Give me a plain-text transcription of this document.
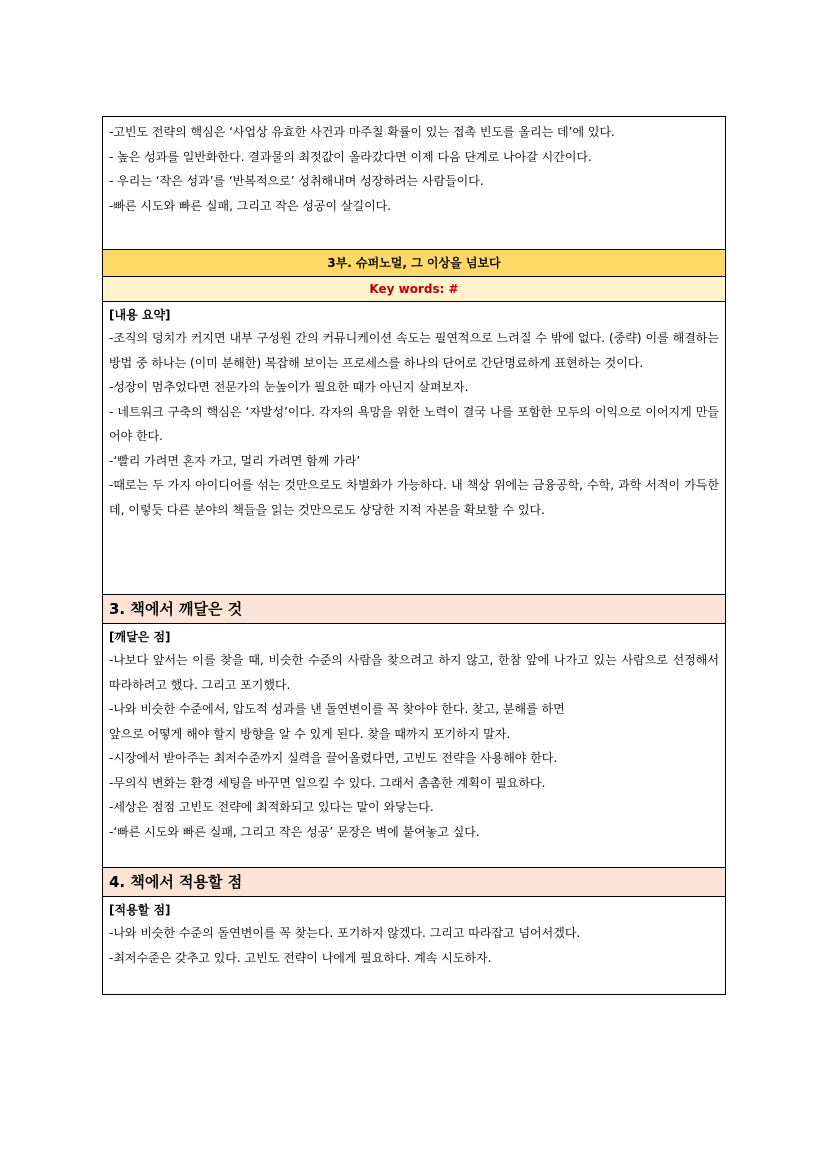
-고빈도 전략의 핵심은 ‘사업상 유효한 사건과 마주칠 확률이 있는 접촉 빈도를 올리는 데’에 있다.
- 높은 성과를 일반화한다. 결과물의 최젓값이 올라갔다면 이제 다음 단계로 나아갈 시간이다.
- 우리는 ‘작은 성과’를 ‘반복적으로’ 성취해내며 성장하려는 사람들이다.
-빠른 시도와 빠른 실패, 그리고 작은 성공이 살길이다.
3부. 슈퍼노멀, 그 이상을 넘보다
Key words: #
[내용 요약]
-조직의 덩치가 커지면 내부 구성원 간의 커뮤니케이션 속도는 필연적으로 느려질 수 밖에 없다. (중략) 이를 해결하는 방법 중 하나는 (이미 분해한) 복잡해 보이는 프로세스를 하나의 단어로 간단명료하게 표현하는 것이다.
-성장이 멈추었다면 전문가의 눈높이가 필요한 때가 아닌지 살펴보자.
- 네트워크 구축의 핵심은 ‘자발성’이다. 각자의 욕망을 위한 노력이 결국 나를 포함한 모두의 이익으로 이어지게 만들어야 한다.
-‘빨리 가려면 혼자 가고, 멀리 가려면 함께 가라’
-때로는 두 가지 아이디어를 섞는 것만으로도 차별화가 가능하다. 내 책상 위에는 금융공학, 수학, 과학 서적이 가득한데, 이렇듯 다른 분야의 책들을 읽는 것만으로도 상당한 지적 자본을 확보할 수 있다.
3. 책에서 깨달은 것
[깨달은 점]
-나보다 앞서는 이를 찾을 때, 비슷한 수준의 사람을 찾으려고 하지 않고, 한참 앞에 나가고 있는 사람으로 선정해서 따라하려고 했다. 그리고 포기했다.
-나와 비슷한 수준에서, 압도적 성과를 낸 돌연변이를 꼭 찾아야 한다. 찾고, 분해를 하면
앞으로 어떻게 해야 할지 방향을 알 수 있게 된다. 찾을 때까지 포기하지 말자.
-시장에서 받아주는 최저수준까지 실력을 끌어올렸다면, 고빈도 전략을 사용해야 한다.
-무의식 변화는 환경 세팅을 바꾸면 일으킬 수 있다. 그래서 촘촘한 계획이 필요하다.
-세상은 점점 고빈도 전략에 최적화되고 있다는 말이 와닿는다.
-‘빠른 시도와 빠른 실패, 그리고 작은 성공’ 문장은 벽에 붙여놓고 싶다.
4. 책에서 적용할 점
[적용할 점]
-나와 비슷한 수준의 돌연변이를 꼭 찾는다. 포기하지 않겠다. 그리고 따라잡고 넘어서겠다.
-최저수준은 갖추고 있다. 고빈도 전략이 나에게 필요하다. 계속 시도하자.
